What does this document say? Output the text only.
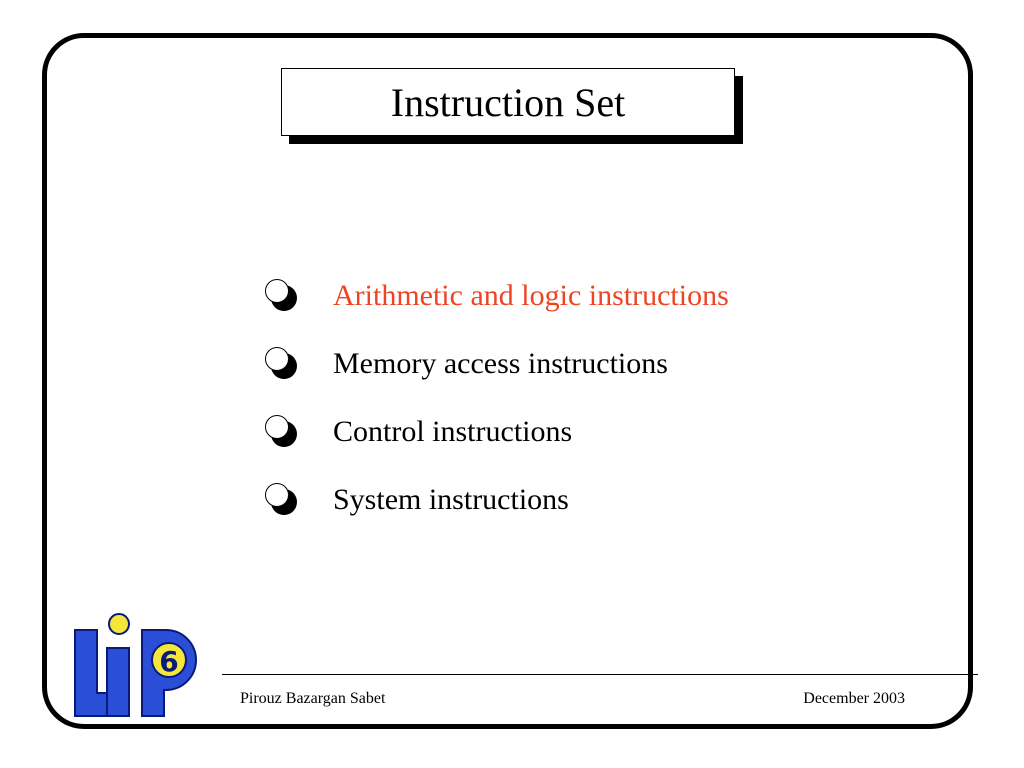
Instruction Set
Arithmetic and logic instructions
Memory access instructions
Control instructions
System instructions
6
Pirouz Bazargan Sabet	December 2003
